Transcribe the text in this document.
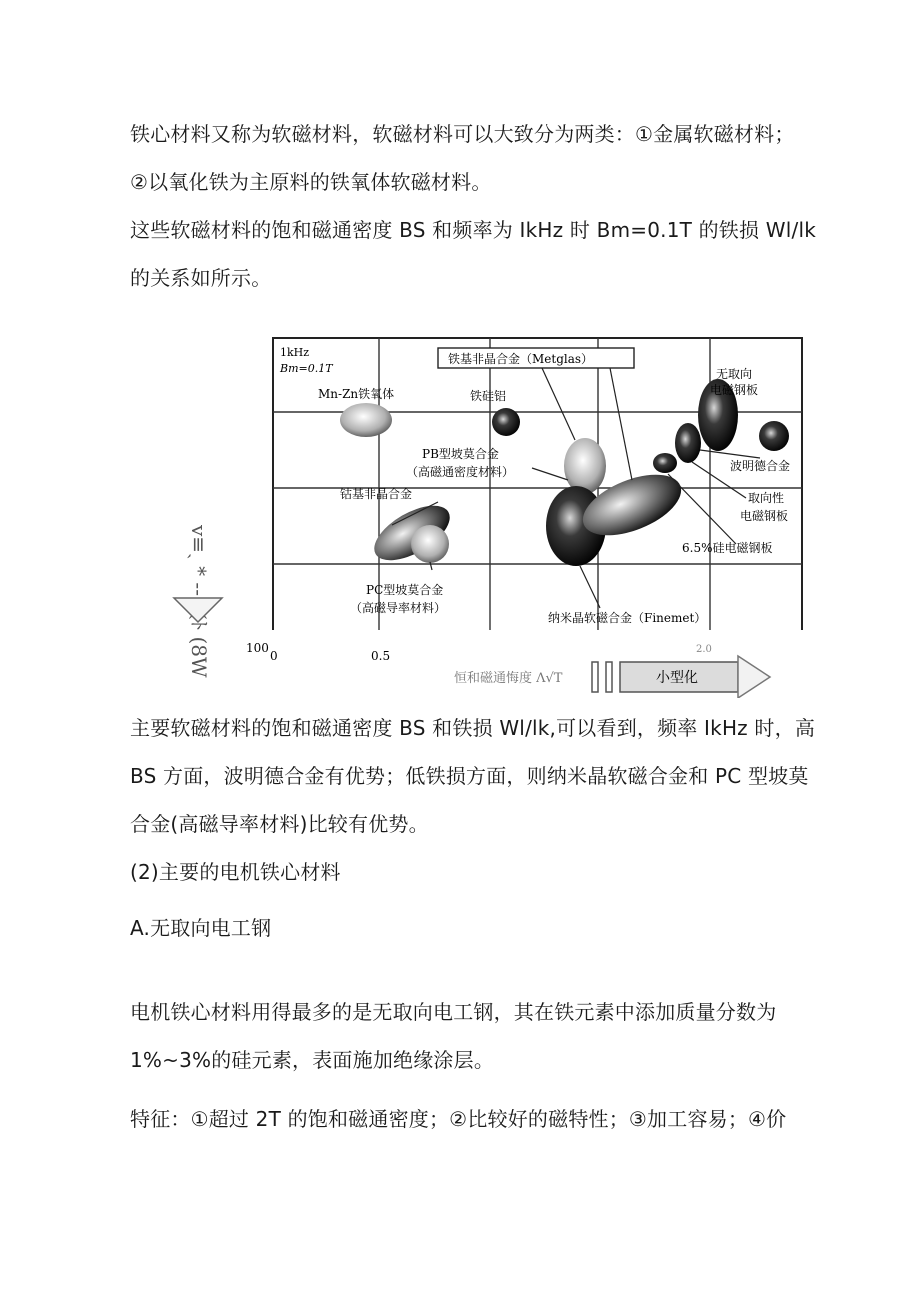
铁心材料又称为软磁材料，软磁材料可以大致分为两类：①金属软磁材料；
②以氧化铁为主原料的铁氧体软磁材料。
这些软磁材料的饱和磁通密度 BS 和频率为 IkHz 时 Bm=0.1T 的铁损 Wl/lk
的关系如所示。
1kHz
Bm=0.1T
铁基非晶合金（Metglas）
无取向
电磁钢板
Mn-Zn铁氧体	铁硅铝
PB型坡莫合金
（高磁通密度材料）	波明德合金
钴基非晶合金	取向性
电磁钢板
6.5%硅电磁钢板
PC型坡莫合金
（高磁导率材料）
纳米晶软磁合金（Finemet）
100
0	0.5	2.0
恒和磁通悔度 Λ√T	小型化
主要软磁材料的饱和磁通密度 BS 和铁损 Wl/lk,可以看到，频率 IkHz 时，高
BS 方面，波明德合金有优势；低铁损方面，则纳米晶软磁合金和 PC 型坡莫
合金(高磁导率材料)比较有优势。
(2)主要的电机铁心材料
A.无取向电工钢
电机铁心材料用得最多的是无取向电工钢，其在铁元素中添加质量分数为
1%~3%的硅元素，表面施加绝缘涂层。
特征：①超过 2T 的饱和磁通密度；②比较好的磁特性；③加工容易；④价
